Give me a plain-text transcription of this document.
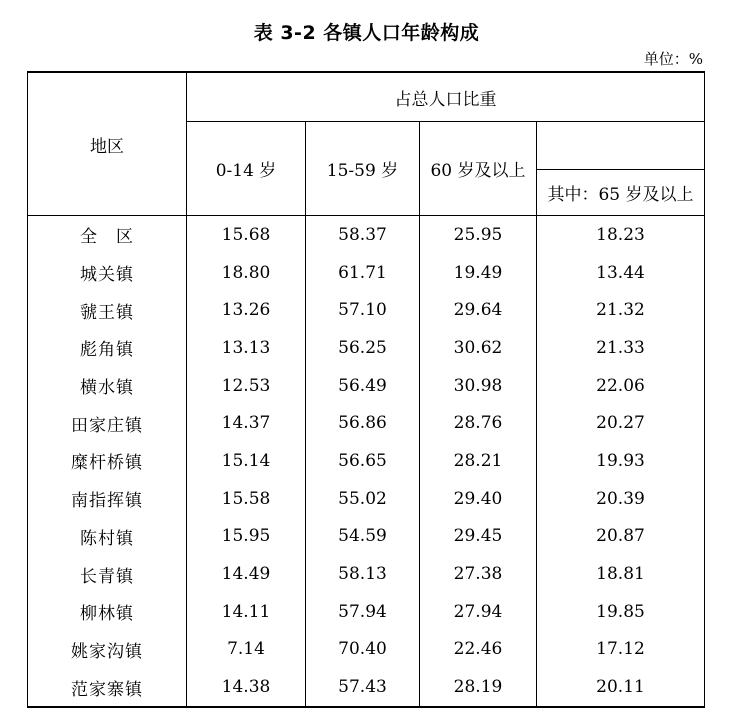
表 3-2 各镇人口年龄构成
单位：%
地区	占总人口比重			
	0-14 岁	15-59 岁	60 岁及以上	
				其中：65 岁及以上
全　区	15.68	58.37	25.95	18.23
城关镇	18.80	61.71	19.49	13.44
虢王镇	13.26	57.10	29.64	21.32
彪角镇	13.13	56.25	30.62	21.33
横水镇	12.53	56.49	30.98	22.06
田家庄镇	14.37	56.86	28.76	20.27
糜杆桥镇	15.14	56.65	28.21	19.93
南指挥镇	15.58	55.02	29.40	20.39
陈村镇	15.95	54.59	29.45	20.87
长青镇	14.49	58.13	27.38	18.81
柳林镇	14.11	57.94	27.94	19.85
姚家沟镇	7.14	70.40	22.46	17.12
范家寨镇	14.38	57.43	28.19	20.11
